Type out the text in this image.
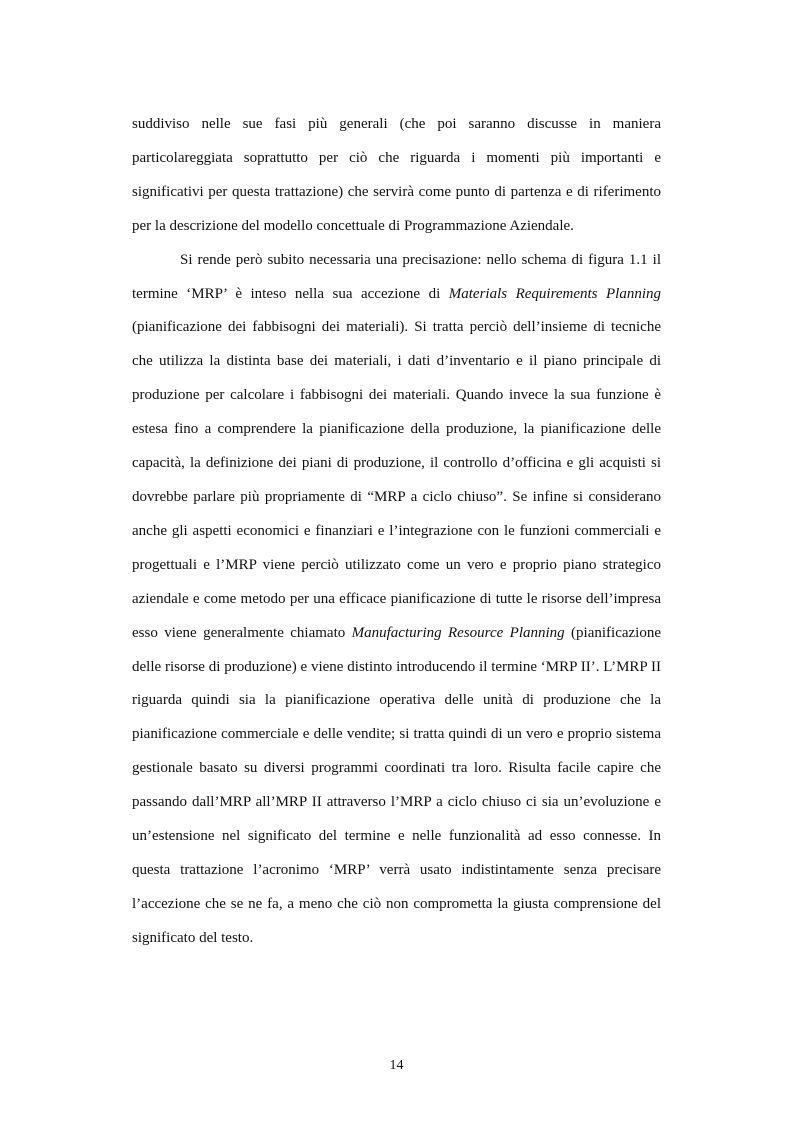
suddiviso nelle sue fasi più generali (che poi saranno discusse in maniera particolareggiata soprattutto per ciò che riguarda i momenti più importanti e significativi per questa trattazione) che servirà come punto di partenza e di riferimento per la descrizione del modello concettuale di Programmazione Aziendale.

Si rende però subito necessaria una precisazione: nello schema di figura 1.1 il termine ‘MRP’ è inteso nella sua accezione di Materials Requirements Planning (pianificazione dei fabbisogni dei materiali). Si tratta perciò dell’insieme di tecniche che utilizza la distinta base dei materiali, i dati d’inventario e il piano principale di produzione per calcolare i fabbisogni dei materiali. Quando invece la sua funzione è estesa fino a comprendere la pianificazione della produzione, la pianificazione delle capacità, la definizione dei piani di produzione, il controllo d’officina e gli acquisti si dovrebbe parlare più propriamente di “MRP a ciclo chiuso”. Se infine si considerano anche gli aspetti economici e finanziari e l’integrazione con le funzioni commerciali e progettuali e l’MRP viene perciò utilizzato come un vero e proprio piano strategico aziendale e come metodo per una efficace pianificazione di tutte le risorse dell’impresa esso viene generalmente chiamato Manufacturing Resource Planning (pianificazione delle risorse di produzione) e viene distinto introducendo il termine ‘MRP II’. L’MRP II riguarda quindi sia la pianificazione operativa delle unità di produzione che la pianificazione commerciale e delle vendite; si tratta quindi di un vero e proprio sistema gestionale basato su diversi programmi coordinati tra loro. Risulta facile capire che passando dall’MRP all’MRP II attraverso l’MRP a ciclo chiuso ci sia un’evoluzione e un’estensione nel significato del termine e nelle funzionalità ad esso connesse. In questa trattazione l’acronimo ‘MRP’ verrà usato indistintamente senza precisare l’accezione che se ne fa, a meno che ciò non comprometta la giusta comprensione del significato del testo.

14
